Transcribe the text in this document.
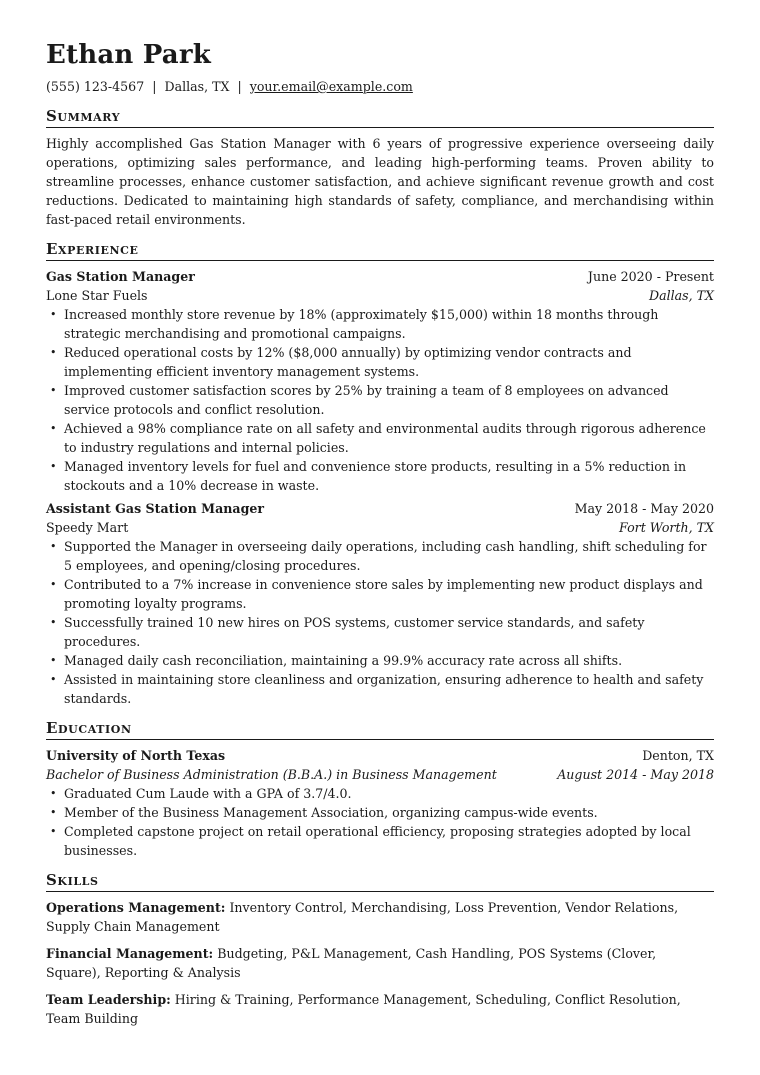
Ethan Park
(555) 123-4567 | Dallas, TX | your.email@example.com
Summary

Highly accomplished Gas Station Manager with 6 years of progressive experience overseeing daily operations, optimizing sales performance, and leading high-performing teams. Proven ability to streamline processes, enhance customer satisfaction, and achieve significant revenue growth and cost reductions. Dedicated to maintaining high standards of safety, compliance, and merchandising within fast-paced retail environments.

Experience
Gas Station Manager	June 2020 - Present
Lone Star Fuels	Dallas, TX
• Increased monthly store revenue by 18% (approximately $15,000) within 18 months through strategic merchandising and promotional campaigns.
• Reduced operational costs by 12% ($8,000 annually) by optimizing vendor contracts and implementing efficient inventory management systems.
• Improved customer satisfaction scores by 25% by training a team of 8 employees on advanced service protocols and conflict resolution.
• Achieved a 98% compliance rate on all safety and environmental audits through rigorous adherence to industry regulations and internal policies.
• Managed inventory levels for fuel and convenience store products, resulting in a 5% reduction in stockouts and a 10% decrease in waste.
Assistant Gas Station Manager	May 2018 - May 2020
Speedy Mart	Fort Worth, TX
• Supported the Manager in overseeing daily operations, including cash handling, shift scheduling for 5 employees, and opening/closing procedures.
• Contributed to a 7% increase in convenience store sales by implementing new product displays and promoting loyalty programs.
• Successfully trained 10 new hires on POS systems, customer service standards, and safety procedures.
• Managed daily cash reconciliation, maintaining a 99.9% accuracy rate across all shifts.
• Assisted in maintaining store cleanliness and organization, ensuring adherence to health and safety standards.
Education
University of North Texas	Denton, TX
Bachelor of Business Administration (B.B.A.) in Business Management	August 2014 - May 2018
• Graduated Cum Laude with a GPA of 3.7/4.0.
• Member of the Business Management Association, organizing campus-wide events.
• Completed capstone project on retail operational efficiency, proposing strategies adopted by local businesses.
Skills
Operations Management: Inventory Control, Merchandising, Loss Prevention, Vendor Relations, Supply Chain Management
Financial Management: Budgeting, P&L Management, Cash Handling, POS Systems (Clover, Square), Reporting & Analysis
Team Leadership: Hiring & Training, Performance Management, Scheduling, Conflict Resolution, Team Building
